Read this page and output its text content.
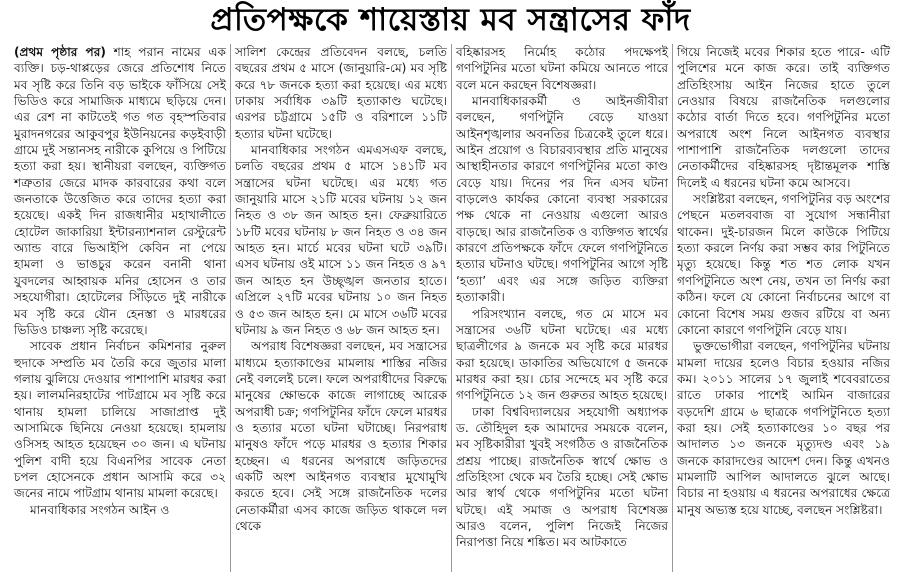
প্রতিপক্ষকে শায়েস্তায় মব সন্ত্রাসের ফাঁদ

(প্রথম পৃষ্ঠার পর) শাহ পরান নামের এক ব্যক্তি। চড়-থাপ্পড়ের জেরে প্রতিশোধ নিতে মব সৃষ্টি করে তিনি বড় ভাইকে ফাঁসিয়ে সেই ভিডিও করে সামাজিক মাধ্যমে ছড়িয়ে দেন। এর রেশ না কাটতেই গত গত বৃহস্পতিবার মুরাদনগরের আকুবপুর ইউনিয়নের কড়ইবাড়ী গ্রামে দুই সন্তানসহ নারীকে কুপিয়ে ও পিটিয়ে হত্যা করা হয়। স্থানীয়রা বলছেন, ব্যক্তিগত শত্রুতার জেরে মাদক কারবারের কথা বলে জনতাকে উত্তেজিত করে তাদের হত্যা করা হয়েছে। একই দিন রাজধানীর মহাখালীতে হোটেল জাকারিয়া ইন্টারন্যাশনাল রেস্টুরেন্ট অ্যান্ড বারে ভিআইপি কেবিন না পেয়ে হামলা ও ভাঙচুর করেন বনানী থানা যুবদলের আহ্বায়ক মনির হোসেন ও তার সহযোগীরা। হোটেলের সিঁড়িতে দুই নারীকে মব সৃষ্টি করে যৌন হেনস্তা ও মারধরের ভিডিও চাঞ্চল্য সৃষ্টি করেছে।

সাবেক প্রধান নির্বাচন কমিশনার নুরুল হুদাকে সম্প্রতি মব তৈরি করে জুতার মালা গলায় ঝুলিয়ে দেওয়ার পাশাপাশি মারধর করা হয়। লালমনিরহাটের পাটগ্রামে মব সৃষ্টি করে থানায় হামলা চালিয়ে সাজাপ্রাপ্ত দুই আসামিকে ছিনিয়ে নেওয়া হয়েছে। হামলায় ওসিসহ আহত হয়েছেন ৩০ জন। এ ঘটনায় পুলিশ বাদী হয়ে বিএনপির সাবেক নেতা চপল হোসেনকে প্রধান আসামি করে ৩২ জনের নামে পাটগ্রাম থানায় মামলা করেছে।

মানবাধিকার সংগঠন আইন ও

সালিশ কেন্দ্রের প্রতিবেদন বলছে, চলতি বছরের প্রথম ৫ মাসে (জানুয়ারি-মে) মব সৃষ্টি করে ৭৮ জনকে হত্যা করা হয়েছে। এর মধ্যে ঢাকায় সর্বাধিক ৩৯টি হত্যাকাণ্ড ঘটেছে। এরপর চট্টগ্রামে ১৫টি ও বরিশালে ১১টি হত্যার ঘটনা ঘটেছে।

মানবাধিকার সংগঠন এমএসএফ বলছে, চলতি বছরের প্রথম ৫ মাসে ১৪১টি মব সন্ত্রাসের ঘটনা ঘটেছে। এর মধ্যে গত জানুয়ারি মাসে ২১টি মবের ঘটনায় ১২ জন নিহত ও ৩৮ জন আহত হন। ফেব্রুয়ারিতে ১৮টি মবের ঘটনায় ৮ জন নিহত ও ৩৪ জন আহত হন। মার্চে মবের ঘটনা ঘটে ৩৯টি। এসব ঘটনায় ওই মাসে ১১ জন নিহত ও ৯৭ জন আহত হন উচ্ছৃঙ্খল জনতার হাতে। এপ্রিলে ২৭টি মবের ঘটনায় ১০ জন নিহত ও ৫৩ জন আহত হন। মে মাসে ৩৬টি মবের ঘটনায় ৯ জন নিহত ও ৬৮ জন আহত হন।

অপরাধ বিশেষজ্ঞরা বলছেন, মব সন্ত্রাসের মাধ্যমে হত্যাকাণ্ডের মামলায় শাস্তির নজির নেই বললেই চলে। ফলে অপরাধীদের বিরুদ্ধে মানুষের ক্ষোভকে কাজে লাগাচ্ছে আরেক অপরাধী চক্র; গণপিটুনির ফাঁদে ফেলে মারধর ও হত্যার মতো ঘটনা ঘটাচ্ছে। নিরপরাধ মানুষও ফাঁদে পড়ে মারধর ও হত্যার শিকার হচ্ছেন। এ ধরনের অপরাধে জড়িতদের একটি অংশ আইনগত ব্যবস্থার মুখোমুখি করতে হবে। সেই সঙ্গে রাজনৈতিক দলের নেতাকর্মীরা এসব কাজে জড়িত থাকলে দল থেকে

বহিষ্কারসহ নির্মোহ কঠোর পদক্ষেপই গণপিটুনির মতো ঘটনা কমিয়ে আনতে পারে বলে মনে করছেন বিশেষজ্ঞরা।

মানবাধিকারকর্মী ও আইনজীবীরা বলছেন, গণপিটুনি বেড়ে যাওয়া আইনশৃঙ্খলার অবনতির চিত্রকেই তুলে ধরে। আইন প্রয়োগ ও বিচারব্যবস্থার প্রতি মানুষের আস্থাহীনতার কারণে গণপিটুনির মতো কাণ্ড বেড়ে যায়। দিনের পর দিন এসব ঘটনা বাড়লেও কার্যকর কোনো ব্যবস্থা সরকারের পক্ষ থেকে না নেওয়ায় এগুলো আরও বাড়ছে। আর রাজনৈতিক ও ব্যক্তিগত স্বার্থের কারণে প্রতিপক্ষকে ফাঁদে ফেলে গণপিটুনিতে হত্যার ঘটনাও ঘটছে। গণপিটুনির আগে সৃষ্টি ‘হত্যা’ এবং এর সঙ্গে জড়িত ব্যক্তিরা হত্যাকারী।

পরিসংখ্যান বলছে, গত মে মাসে মব সন্ত্রাসের ৩৬টি ঘটনা ঘটেছে। এর মধ্যে ছাত্রলীগের ৯ জনকে মব সৃষ্টি করে মারধর করা হয়েছে। ডাকাতির অভিযোগে ৫ জনকে মারধর করা হয়। চোর সন্দেহে মব সৃষ্টি করে গণপিটুনিতে ১২ জন গুরুতর আহত হয়েছে।

ঢাকা বিশ্ববিদ্যালয়ের সহযোগী অধ্যাপক ড. তৌহিদুল হক আমাদের সময়কে বলেন, মব সৃষ্টিকারীরা খুবই সংগঠিত ও রাজনৈতিক প্রশ্রয় পাচ্ছে। রাজনৈতিক স্বার্থে ক্ষোভ ও প্রতিহিংসা থেকে মব তৈরি হচ্ছে। সেই ক্ষোভ আর স্বার্থ থেকে গণপিটুনির মতো ঘটনা ঘটছে। এই সমাজ ও অপরাধ বিশেষজ্ঞ আরও বলেন, পুলিশ নিজেই নিজের নিরাপত্তা নিয়ে শঙ্কিত। মব আটকাতে

গিয়ে নিজেই মবের শিকার হতে পারে- এটি পুলিশের মনে কাজ করে। তাই ব্যক্তিগত প্রতিহিংসায় আইন নিজের হাতে তুলে নেওয়ার বিষয়ে রাজনৈতিক দলগুলোর কঠোর বার্তা দিতে হবে। গণপিটুনির মতো অপরাধে অংশ নিলে আইনগত ব্যবস্থার পাশাপাশি রাজনৈতিক দলগুলো তাদের নেতাকর্মীদের বহিষ্কারসহ দৃষ্টান্তমূলক শাস্তি দিলেই এ ধরনের ঘটনা কমে আসবে।

সংশ্লিষ্টরা বলছেন, গণপিটুনির বড় অংশের পেছনে মতলববাজ বা সুযোগ সন্ধানীরা থাকেন। দুই-চারজন মিলে কাউকে পিটিয়ে হত্যা করলে নির্ণয় করা সম্ভব কার পিটুনিতে মৃত্যু হয়েছে। কিন্তু শত শত লোক যখন গণপিটুনিতে অংশ নেয়, তখন তা নির্ণয় করা কঠিন। ফলে যে কোনো নির্বাচনের আগে বা কোনো বিশেষ সময় গুজব রটিয়ে বা অন্য কোনো কারণে গণপিটুনি বেড়ে যায়।

ভুক্তভোগীরা বলছেন, গণপিটুনির ঘটনায় মামলা দায়ের হলেও বিচার হওয়ার নজির কম। ২০১১ সালের ১৭ জুলাই শবেবরাতের রাতে ঢাকার পাশেই আমিন বাজারের বড়দেশি গ্রামে ৬ ছাত্রকে গণপিটুনিতে হত্যা করা হয়। সেই হত্যাকাণ্ডের ১০ বছর পর আদালত ১৩ জনকে মৃত্যুদণ্ড এবং ১৯ জনকে কারাদণ্ডের আদেশ দেন। কিন্তু এখনও মামলাটি আপিল আদালতে ঝুলে আছে। বিচার না হওয়ায় এ ধরনের অপরাধের ক্ষেত্রে মানুষ অভ্যস্ত হয়ে যাচ্ছে, বলছেন সংশ্লিষ্টরা।
